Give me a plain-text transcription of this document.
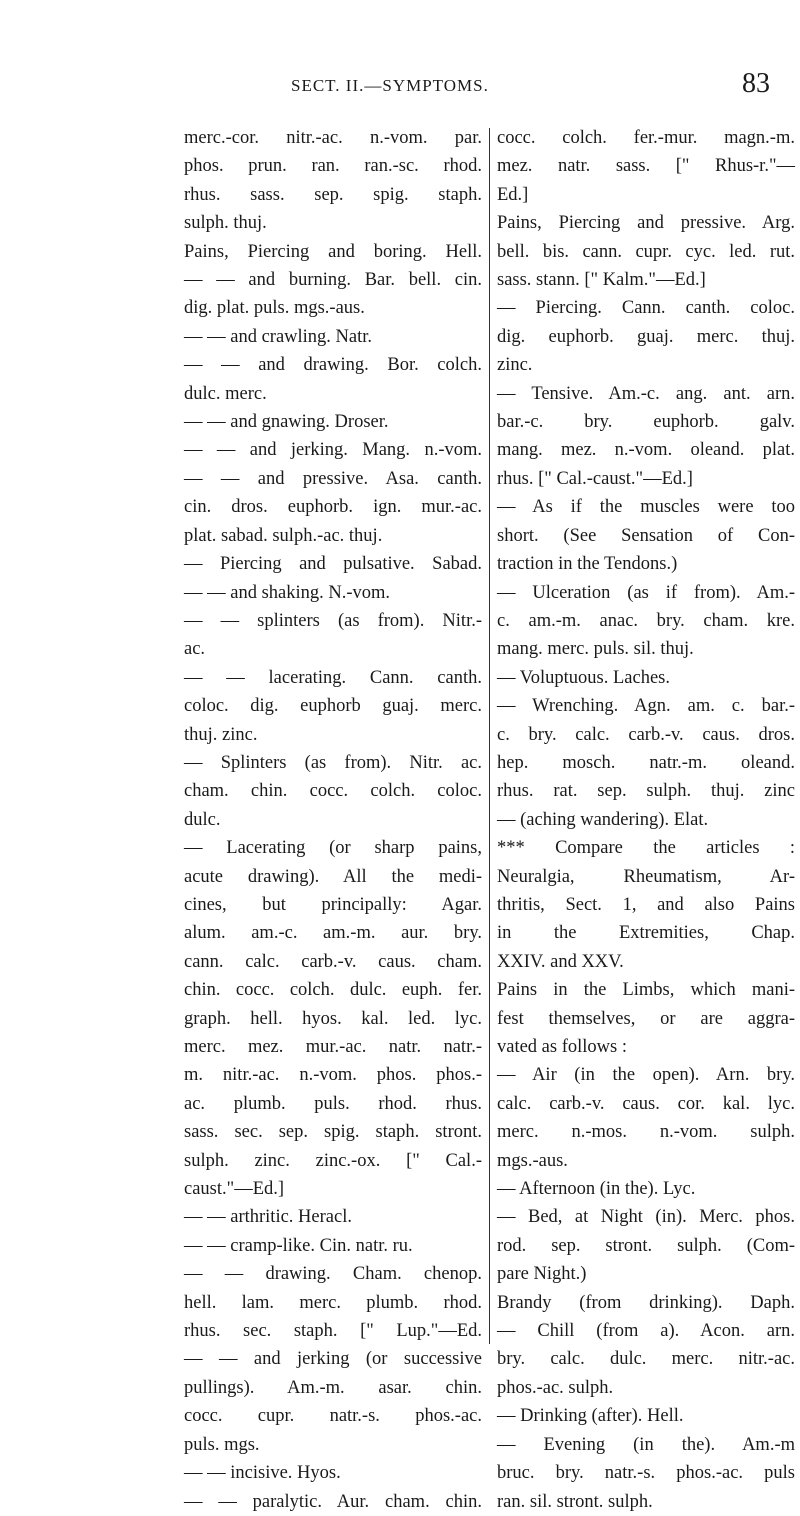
SECT. II.—SYMPTOMS.	83
merc.-cor. nitr.-ac. n.-vom. par.
phos. prun. ran. ran.-sc. rhod.
rhus. sass. sep. spig. staph.
sulph. thuj.
Pains, Piercing and boring. Hell.
— — and burning. Bar. bell. cin.
dig. plat. puls. mgs.-aus.
— — and crawling. Natr.
— — and drawing. Bor. colch.
dulc. merc.
— — and gnawing. Droser.
— — and jerking. Mang. n.-vom.
— — and pressive. Asa. canth.
cin. dros. euphorb. ign. mur.-ac.
plat. sabad. sulph.-ac. thuj.
— Piercing and pulsative. Sabad.
— — and shaking. N.-vom.
— — splinters (as from). Nitr.-
ac.
— — lacerating. Cann. canth.
coloc. dig. euphorb guaj. merc.
thuj. zinc.
— Splinters (as from). Nitr. ac.
cham. chin. cocc. colch. coloc.
dulc.
— Lacerating (or sharp pains,
acute drawing). All the medi-
cines, but principally: Agar.
alum. am.-c. am.-m. aur. bry.
cann. calc. carb.-v. caus. cham.
chin. cocc. colch. dulc. euph. fer.
graph. hell. hyos. kal. led. lyc.
merc. mez. mur.-ac. natr. natr.-
m. nitr.-ac. n.-vom. phos. phos.-
ac. plumb. puls. rhod. rhus.
sass. sec. sep. spig. staph. stront.
sulph. zinc. zinc.-ox. [" Cal.-
caust."—Ed.]
— — arthritic. Heracl.
— — cramp-like. Cin. natr. ru.
— — drawing. Cham. chenop.
hell. lam. merc. plumb. rhod.
rhus. sec. staph. [" Lup."—Ed.
— — and jerking (or successive
pullings). Am.-m. asar. chin.
cocc. cupr. natr.-s. phos.-ac.
puls. mgs.
— — incisive. Hyos.
— — paralytic. Aur. cham. chin.
cocc. colch. fer.-mur. magn.-m.
mez. natr. sass. [" Rhus-r."—
Ed.]
Pains, Piercing and pressive. Arg.
bell. bis. cann. cupr. cyc. led. rut.
sass. stann. [" Kalm."—Ed.]
— Piercing. Cann. canth. coloc.
dig. euphorb. guaj. merc. thuj.
zinc.
— Tensive. Am.-c. ang. ant. arn.
bar.-c. bry. euphorb. galv.
mang. mez. n.-vom. oleand. plat.
rhus. [" Cal.-caust."—Ed.]
— As if the muscles were too
short. (See Sensation of Con-
traction in the Tendons.)
— Ulceration (as if from). Am.-
c. am.-m. anac. bry. cham. kre.
mang. merc. puls. sil. thuj.
— Voluptuous. Laches.
— Wrenching. Agn. am. c. bar.-
c. bry. calc. carb.-v. caus. dros.
hep. mosch. natr.-m. oleand.
rhus. rat. sep. sulph. thuj. zinc
— (aching wandering). Elat.
*** Compare the articles :
Neuralgia, Rheumatism, Ar-
thritis, Sect. 1, and also Pains
in the Extremities, Chap.
XXIV. and XXV.
Pains in the Limbs, which mani-
fest themselves, or are aggra-
vated as follows :
— Air (in the open). Arn. bry.
calc. carb.-v. caus. cor. kal. lyc.
merc. n.-mos. n.-vom. sulph.
mgs.-aus.
— Afternoon (in the). Lyc.
— Bed, at Night (in). Merc. phos.
rod. sep. stront. sulph. (Com-
pare Night.)
Brandy (from drinking). Daph.
— Chill (from a). Acon. arn.
bry. calc. dulc. merc. nitr.-ac.
phos.-ac. sulph.
— Drinking (after). Hell.
— Evening (in the). Am.-m
bruc. bry. natr.-s. phos.-ac. puls
ran. sil. stront. sulph.
